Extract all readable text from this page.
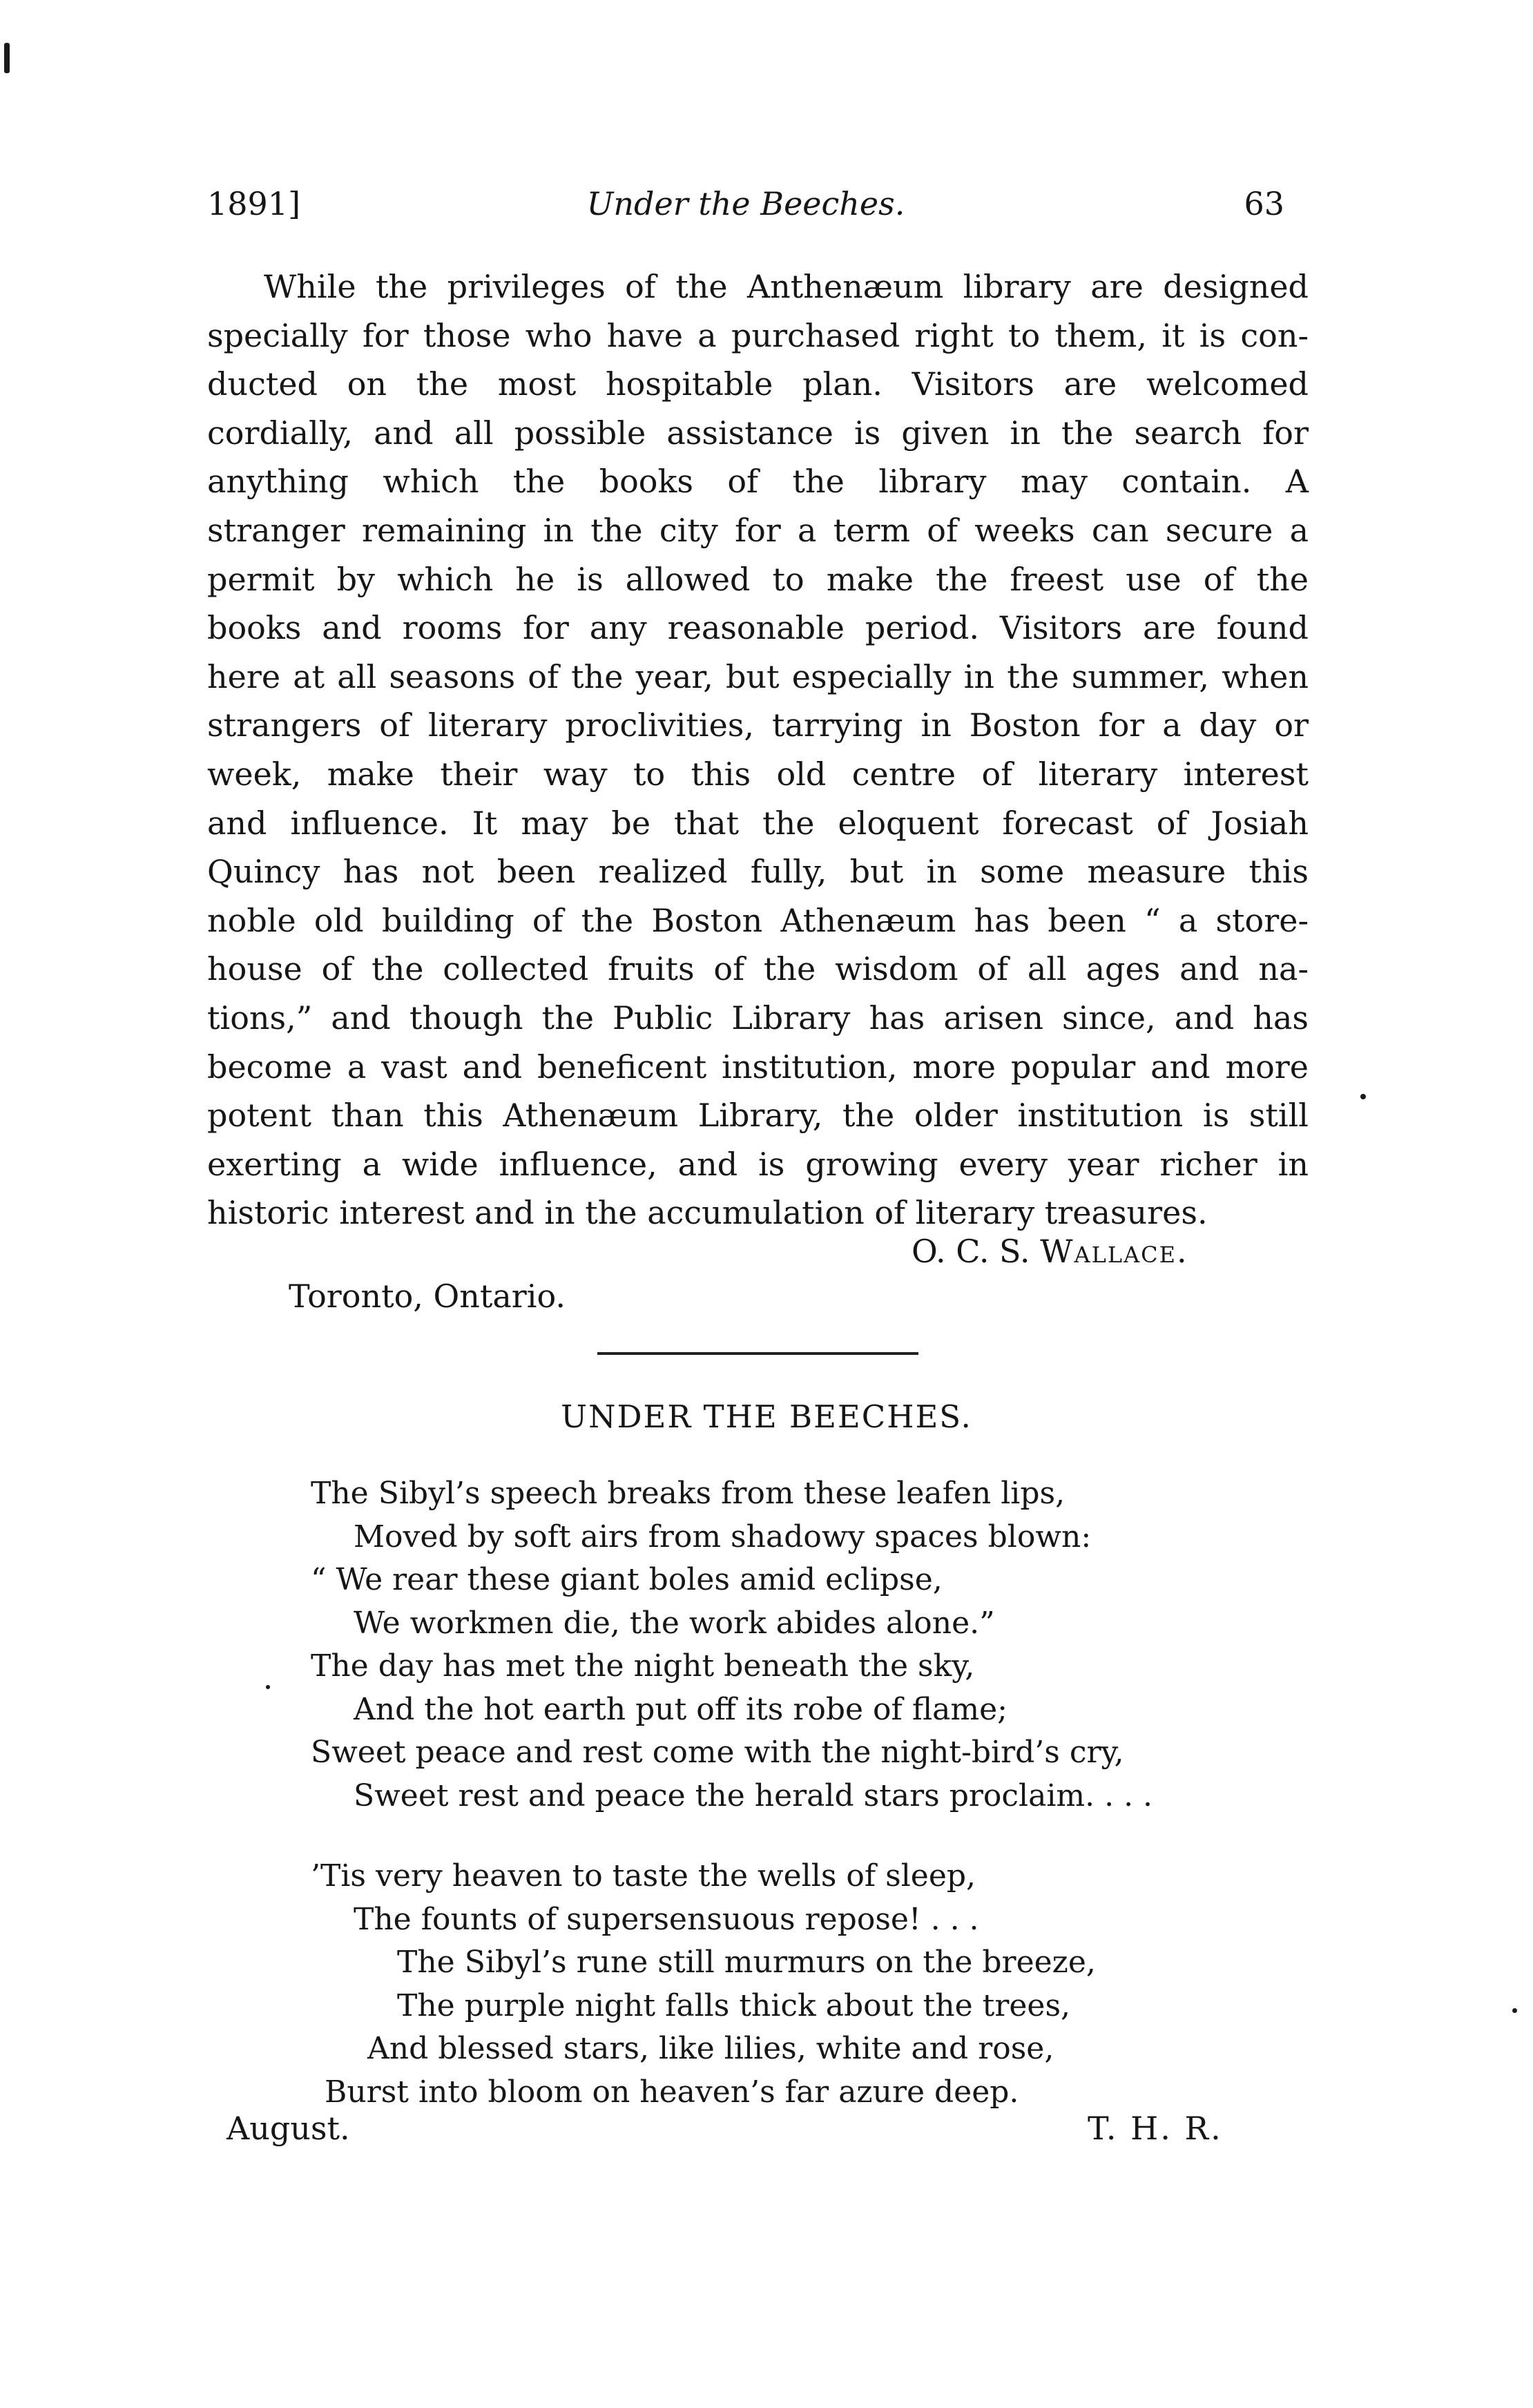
1891]	Under the Beeches.	63
While the privileges of the Anthenæum library are designed
specially for those who have a purchased right to them, it is con-
ducted on the most hospitable plan. Visitors are welcomed
cordially, and all possible assistance is given in the search for
anything which the books of the library may contain. A
stranger remaining in the city for a term of weeks can secure a
permit by which he is allowed to make the freest use of the
books and rooms for any reasonable period. Visitors are found
here at all seasons of the year, but especially in the summer, when
strangers of literary proclivities, tarrying in Boston for a day or
week, make their way to this old centre of literary interest
and influence. It may be that the eloquent forecast of Josiah
Quincy has not been realized fully, but in some measure this
noble old building of the Boston Athenæum has been “ a store-
house of the collected fruits of the wisdom of all ages and na-
tions,” and though the Public Library has arisen since, and has
become a vast and beneficent institution, more popular and more
potent than this Athenæum Library, the older institution is still
exerting a wide influence, and is growing every year richer in
historic interest and in the accumulation of literary treasures.
O. C. S. Wallace.
Toronto, Ontario.
UNDER THE BEECHES.
The Sibyl’s speech breaks from these leafen lips,
Moved by soft airs from shadowy spaces blown:
“ We rear these giant boles amid eclipse,
We workmen die, the work abides alone.”
The day has met the night beneath the sky,
And the hot earth put off its robe of flame;
Sweet peace and rest come with the night-bird’s cry,
Sweet rest and peace the herald stars proclaim. . . .
’Tis very heaven to taste the wells of sleep,
The founts of supersensuous repose! . . .
The Sibyl’s rune still murmurs on the breeze,
The purple night falls thick about the trees,
And blessed stars, like lilies, white and rose,
Burst into bloom on heaven’s far azure deep.
August.	T. H. R.
